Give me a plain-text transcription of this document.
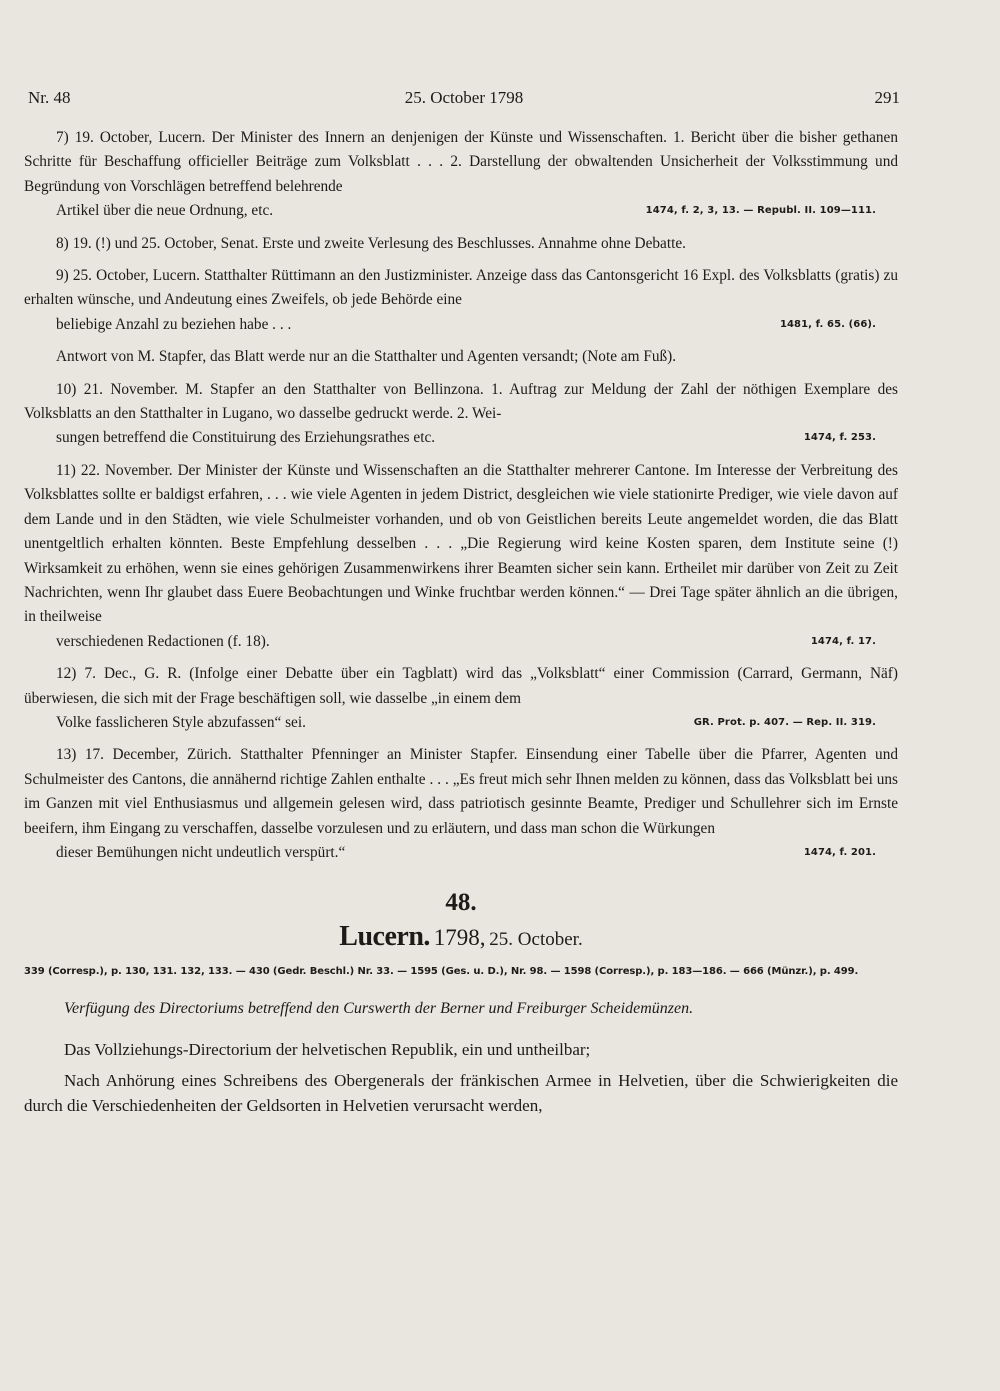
Nr. 48	25. October 1798	291
7) 19. October, Lucern. Der Minister des Innern an denjenigen der Künste und Wissenschaften. 1. Bericht über die bisher gethanen Schritte für Beschaffung officieller Beiträge zum Volksblatt . . . 2. Darstellung der obwaltenden Unsicherheit der Volksstimmung und Begründung von Vorschlägen betreffend belehrende
Artikel über die neue Ordnung, etc.	1474, f. 2, 3, 13. — Republ. II. 109—111.
8) 19. (!) und 25. October, Senat. Erste und zweite Verlesung des Beschlusses. Annahme ohne Debatte.
9) 25. October, Lucern. Statthalter Rüttimann an den Justizminister. Anzeige dass das Cantonsgericht 16 Expl. des Volksblatts (gratis) zu erhalten wünsche, und Andeutung eines Zweifels, ob jede Behörde eine
beliebige Anzahl zu beziehen habe . . .	1481, f. 65. (66).
Antwort von M. Stapfer, das Blatt werde nur an die Statthalter und Agenten versandt; (Note am Fuß).
10) 21. November. M. Stapfer an den Statthalter von Bellinzona. 1. Auftrag zur Meldung der Zahl der nöthigen Exemplare des Volksblatts an den Statthalter in Lugano, wo dasselbe gedruckt werde. 2. Wei-
sungen betreffend die Constituirung des Erziehungsrathes etc.	1474, f. 253.
11) 22. November. Der Minister der Künste und Wissenschaften an die Statthalter mehrerer Cantone. Im Interesse der Verbreitung des Volksblattes sollte er baldigst erfahren, . . . wie viele Agenten in jedem District, desgleichen wie viele stationirte Prediger, wie viele davon auf dem Lande und in den Städten, wie viele Schulmeister vorhanden, und ob von Geistlichen bereits Leute angemeldet worden, die das Blatt unentgeltlich erhalten könnten. Beste Empfehlung desselben . . . „Die Regierung wird keine Kosten sparen, dem Institute seine (!) Wirksamkeit zu erhöhen, wenn sie eines gehörigen Zusammenwirkens ihrer Beamten sicher sein kann. Ertheilet mir darüber von Zeit zu Zeit Nachrichten, wenn Ihr glaubet dass Euere Beobachtungen und Winke fruchtbar werden können.“ — Drei Tage später ähnlich an die übrigen, in theilweise
verschiedenen Redactionen (f. 18).	1474, f. 17.
12) 7. Dec., G. R. (Infolge einer Debatte über ein Tagblatt) wird das „Volksblatt“ einer Commission (Carrard, Germann, Näf) überwiesen, die sich mit der Frage beschäftigen soll, wie dasselbe „in einem dem
Volke fasslicheren Style abzufassen“ sei.	GR. Prot. p. 407. — Rep. II. 319.
13) 17. December, Zürich. Statthalter Pfenninger an Minister Stapfer. Einsendung einer Tabelle über die Pfarrer, Agenten und Schulmeister des Cantons, die annähernd richtige Zahlen enthalte . . . „Es freut mich sehr Ihnen melden zu können, dass das Volksblatt bei uns im Ganzen mit viel Enthusiasmus und allgemein gelesen wird, dass patriotisch gesinnte Beamte, Prediger und Schullehrer sich im Ernste beeifern, ihm Eingang zu verschaffen, dasselbe vorzulesen und zu erläutern, und dass man schon die Würkungen
dieser Bemühungen nicht undeutlich verspürt.“	1474, f. 201.
48.
Lucern. 1798, 25. October.
339 (Corresp.), p. 130, 131. 132, 133. — 430 (Gedr. Beschl.) Nr. 33. — 1595 (Ges. u. D.), Nr. 98. — 1598 (Corresp.), p. 183—186. — 666 (Münzr.), p. 499.
Verfügung des Directoriums betreffend den Curswerth der Berner und Freiburger Scheidemünzen.
Das Vollziehungs-Directorium der helvetischen Republik, ein und untheilbar;
Nach Anhörung eines Schreibens des Obergenerals der fränkischen Armee in Helvetien, über die Schwierigkeiten die durch die Verschiedenheiten der Geldsorten in Helvetien verursacht werden,
